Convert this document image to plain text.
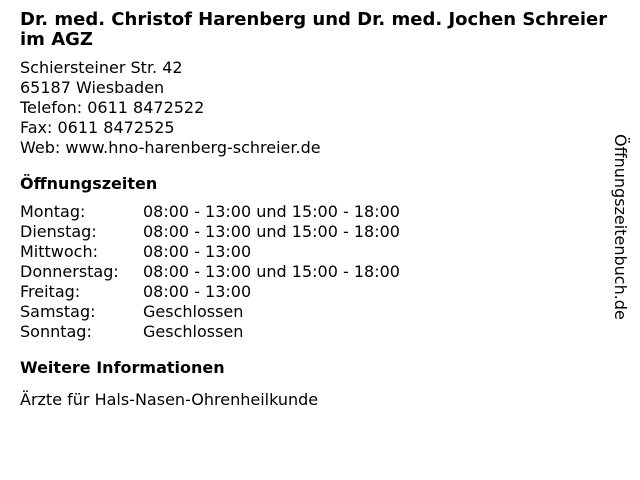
Dr. med. Christof Harenberg und Dr. med. Jochen Schreier im AGZ
Schiersteiner Str. 42
65187 Wiesbaden
Telefon: 0611 8472522
Fax: 0611 8472525
Web: www.hno-harenberg-schreier.de
Öffnungszeiten
Montag:	08:00 - 13:00 und 15:00 - 18:00
Dienstag:	08:00 - 13:00 und 15:00 - 18:00
Mittwoch:	08:00 - 13:00
Donnerstag:	08:00 - 13:00 und 15:00 - 18:00
Freitag:	08:00 - 13:00
Samstag:	Geschlossen
Sonntag:	Geschlossen
Weitere Informationen
Ärzte für Hals-Nasen-Ohrenheilkunde
Öffnungszeitenbuch.de
